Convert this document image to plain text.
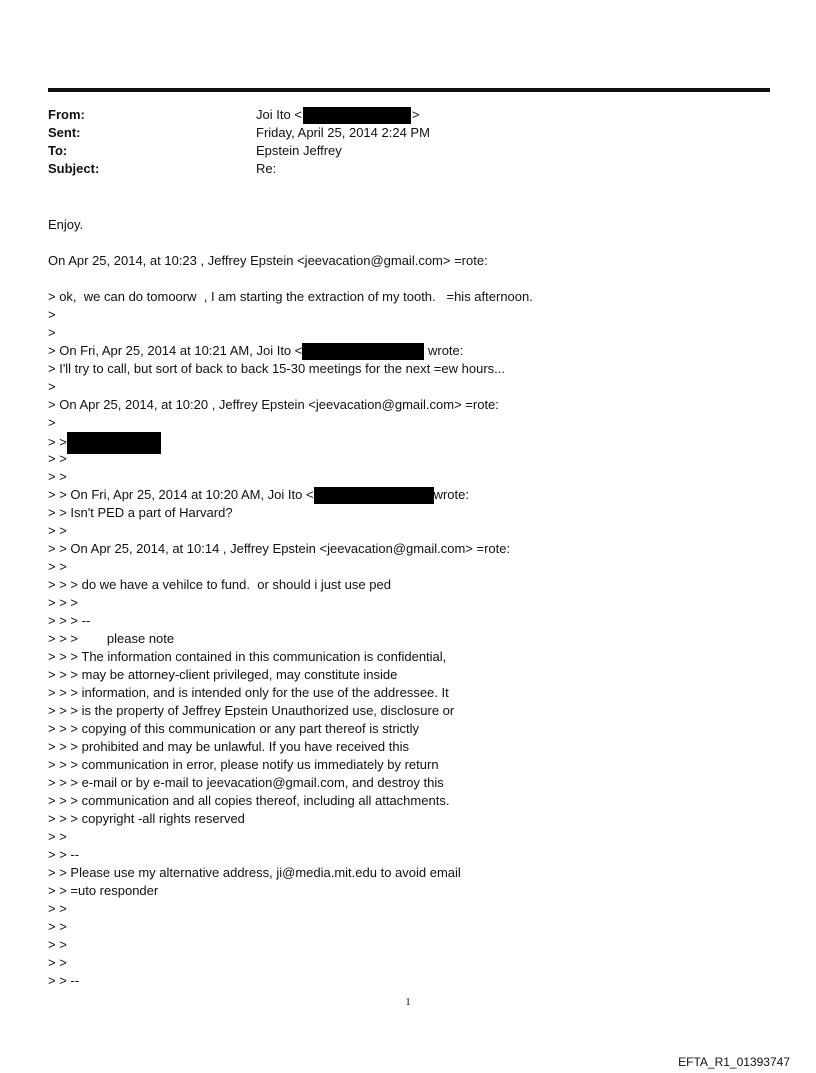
From:	Joi Ito <	>
Sent:	Friday, April 25, 2014 2:24 PM
To:	Epstein Jeffrey
Subject:	Re:
Enjoy.
On Apr 25, 2014, at 10:23 , Jeffrey Epstein <jeevacation@gmail.com> =rote:
> ok,  we can do tomoorw  , I am starting the extraction of my tooth.   =his afternoon.
>
>
> On Fri, Apr 25, 2014 at 10:21 AM, Joi Ito <	wrote:
> I'll try to call, but sort of back to back 15-30 meetings for the next =ew hours...
>
> On Apr 25, 2014, at 10:20 , Jeffrey Epstein <jeevacation@gmail.com> =rote:
>
> >
> >
> >
> > On Fri, Apr 25, 2014 at 10:20 AM, Joi Ito <	wrote:
> > Isn't PED a part of Harvard?
> >
> > On Apr 25, 2014, at 10:14 , Jeffrey Epstein <jeevacation@gmail.com> =rote:
> >
> > > do we have a vehilce to fund.  or should i just use ped
> > >
> > > --
> > >        please note
> > > The information contained in this communication is confidential,
> > > may be attorney-client privileged, may constitute inside
> > > information, and is intended only for the use of the addressee. It
> > > is the property of Jeffrey Epstein Unauthorized use, disclosure or
> > > copying of this communication or any part thereof is strictly
> > > prohibited and may be unlawful. If you have received this
> > > communication in error, please notify us immediately by return
> > > e-mail or by e-mail to jeevacation@gmail.com, and destroy this
> > > communication and all copies thereof, including all attachments.
> > > copyright -all rights reserved
> >
> > --
> > Please use my alternative address, ji@media.mit.edu to avoid email
> > =uto responder
> >
> >
> >
> >
> > --
1
EFTA_R1_01393747
